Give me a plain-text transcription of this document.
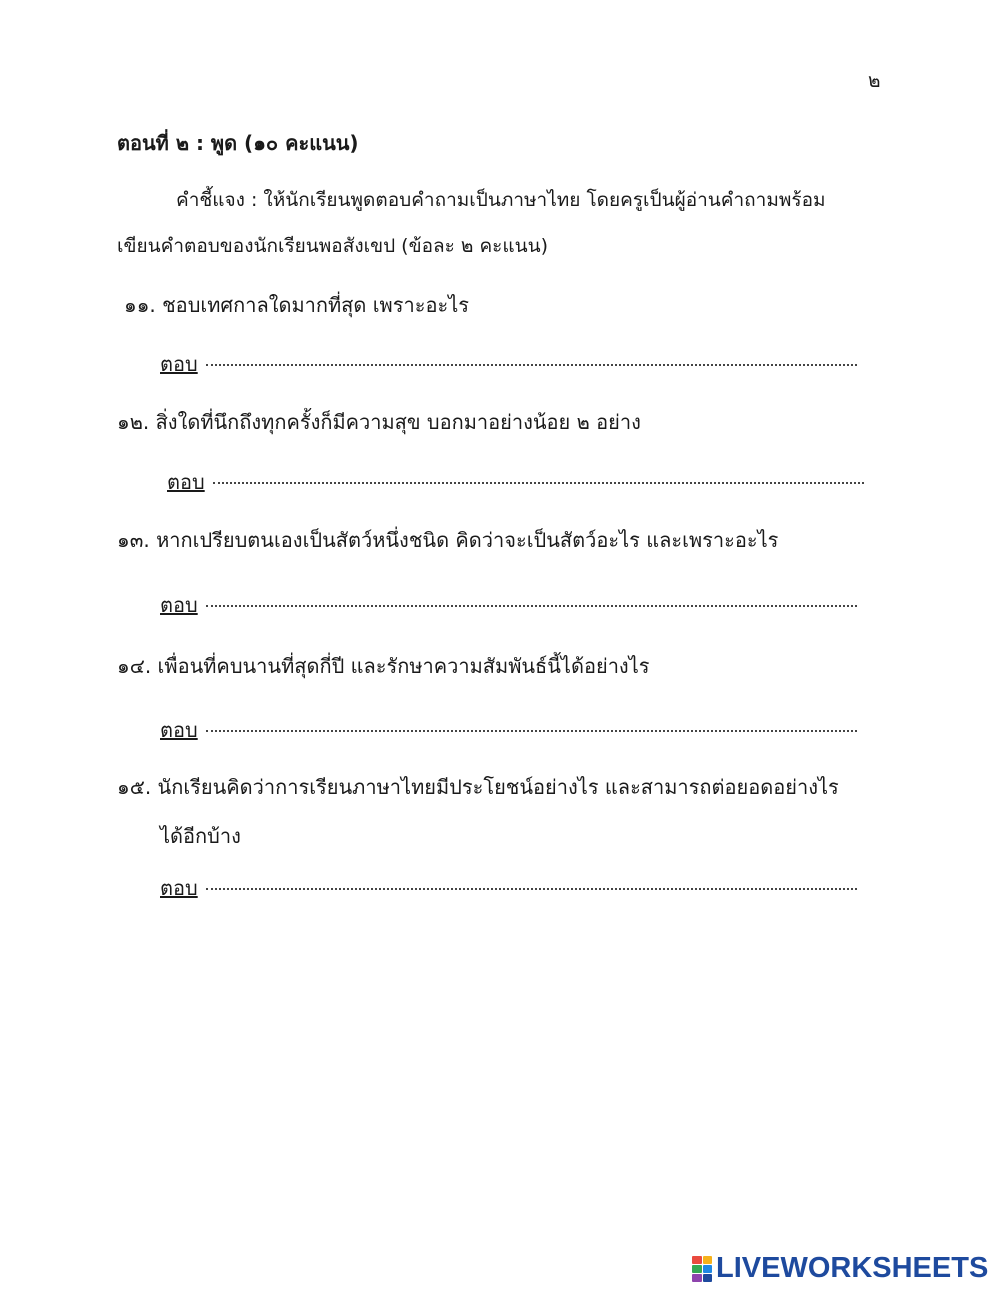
๒
ตอนที่ ๒ : พูด (๑๐ คะแนน)
คำชี้แจง : ให้นักเรียนพูดตอบคำถามเป็นภาษาไทย โดยครูเป็นผู้อ่านคำถามพร้อม
เขียนคำตอบของนักเรียนพอสังเขป (ข้อละ ๒ คะแนน)
๑๑. ชอบเทศกาลใดมากที่สุด เพราะอะไร
ตอบ
๑๒. สิ่งใดที่นึกถึงทุกครั้งก็มีความสุข บอกมาอย่างน้อย ๒ อย่าง
ตอบ
๑๓. หากเปรียบตนเองเป็นสัตว์หนึ่งชนิด คิดว่าจะเป็นสัตว์อะไร และเพราะอะไร
ตอบ
๑๔. เพื่อนที่คบนานที่สุดกี่ปี และรักษาความสัมพันธ์นี้ได้อย่างไร
ตอบ
๑๕. นักเรียนคิดว่าการเรียนภาษาไทยมีประโยชน์อย่างไร และสามารถต่อยอดอย่างไร
ได้อีกบ้าง
ตอบ
LIVEWORKSHEETS
